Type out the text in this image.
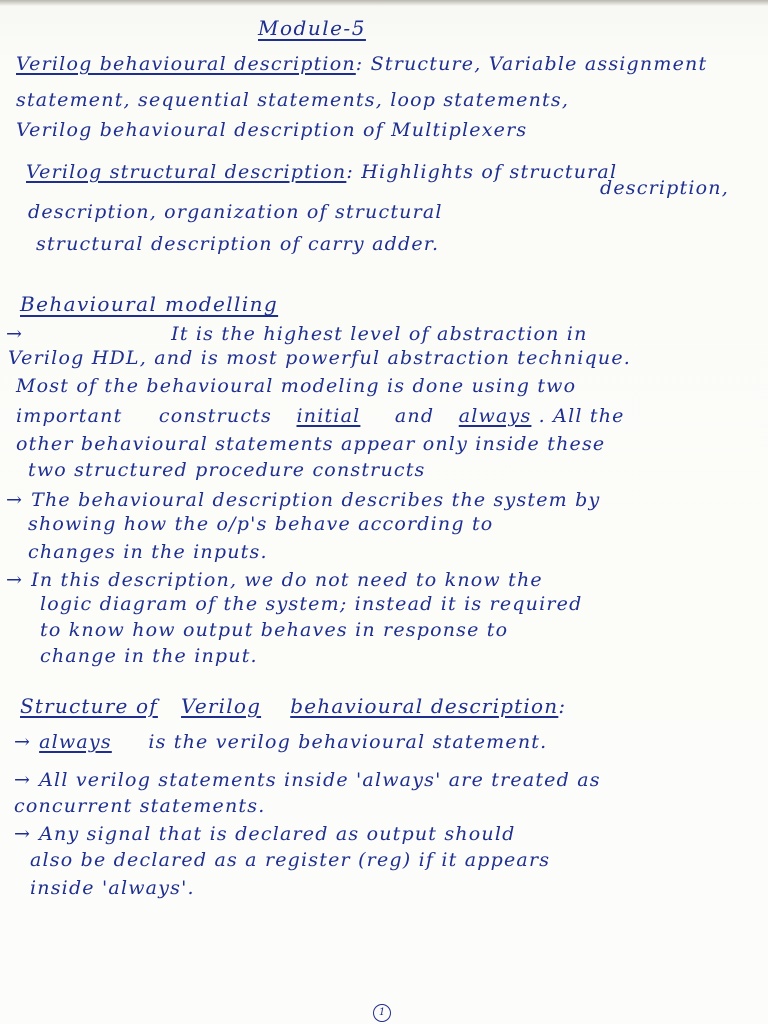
Module-5
Verilog behavioural description: Structure, Variable assignment
statement, sequential statements, loop statements,
Verilog behavioural description of Multiplexers
Verilog structural description: Highlights of structural
description,
description, organization of structural
structural description of carry adder.
Behavioural modelling
→	It is the highest level of abstraction in
Verilog HDL, and is most powerful abstraction technique.
Most of the behavioural modeling is done using two
important constructs initial and always . All the
other behavioural statements appear only inside these
two structured procedure constructs
→ The behavioural description describes the system by
showing how the o/p's behave according to
changes in the inputs.
→ In this description, we do not need to know the
logic diagram of the system; instead it is required
to know how output behaves in response to
change in the input.
Structure of Verilog behavioural description:
→ always is the verilog behavioural statement.
→ All verilog statements inside 'always' are treated as
concurrent statements.
→ Any signal that is declared as output should
also be declared as a register (reg) if it appears
inside 'always'.
1
